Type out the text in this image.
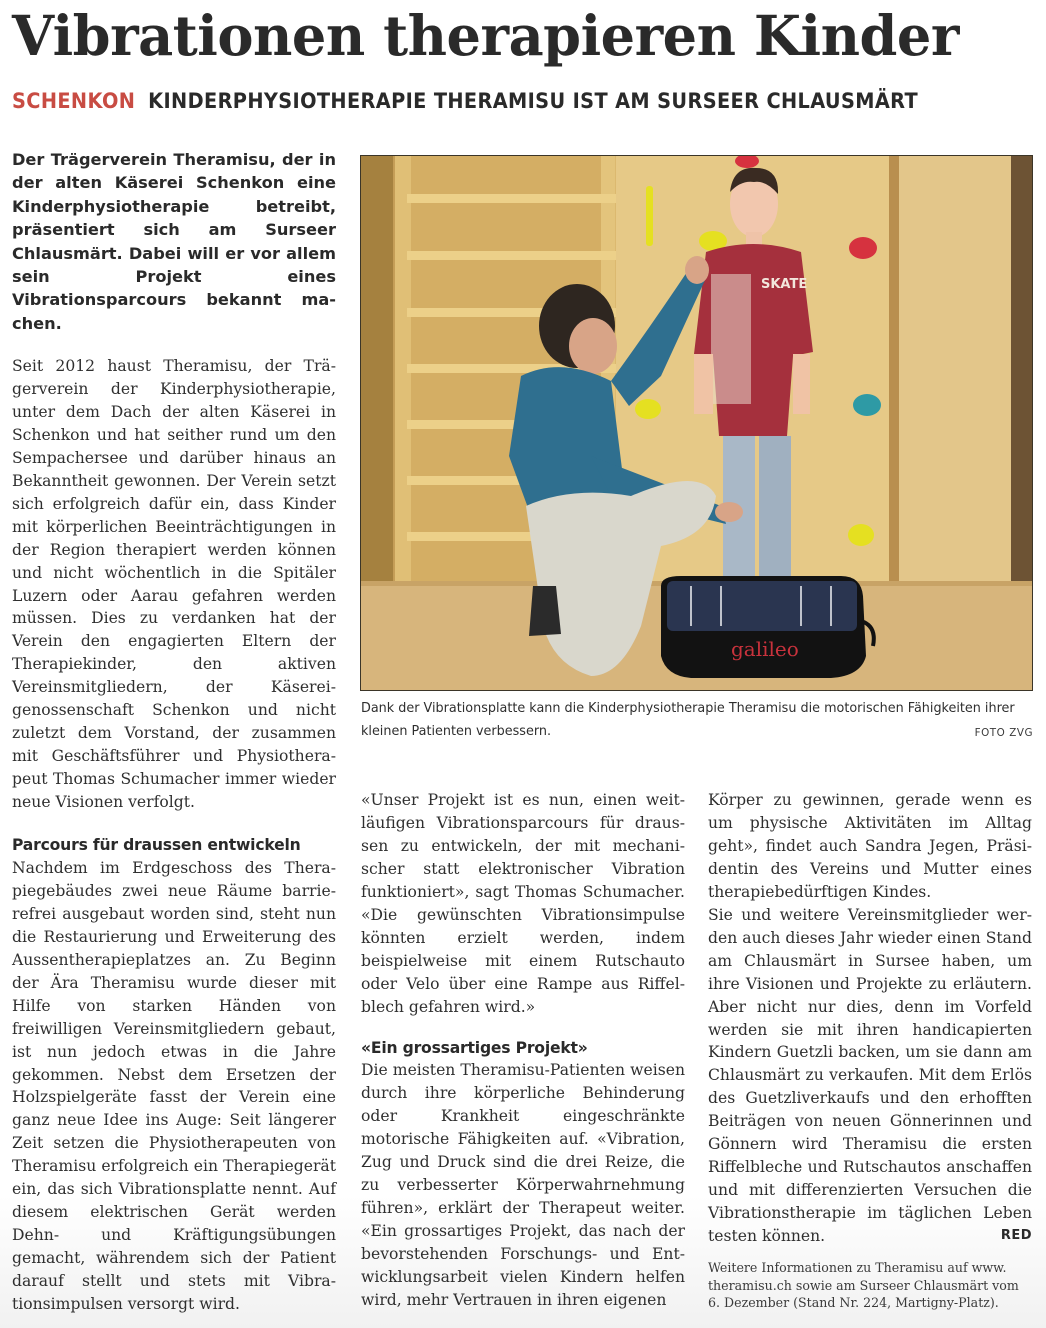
Vibrationen therapieren Kinder
SCHENKON KINDERPHYSIOTHERAPIE THERAMISU IST AM SURSEER CHLAUSMÄRT

Der Trägerverein Theramisu, der in der alten Käserei Schenkon eine Kinderphysiotherapie betreibt, präsentiert sich am Surseer Chlausmärt. Dabei will er vor allem sein Projekt eines Vibrationsparcours bekannt machen.

Seit 2012 haust Theramisu, der Trägerverein der Kinderphysiotherapie, unter dem Dach der alten Käserei in Schenkon und hat seither rund um den Sempachersee und darüber hinaus an Bekanntheit gewonnen. Der Verein setzt sich erfolgreich dafür ein, dass Kinder mit körperlichen Beeinträchtigungen in der Region therapiert werden können und nicht wöchentlich in die Spitäler Luzern oder Aarau gefahren werden müssen. Dies zu verdanken hat der Verein den engagierten Eltern der Therapiekinder, den aktiven Vereinsmitgliedern, der Käsereigenossenschaft Schenkon und nicht zuletzt dem Vorstand, der zusammen mit Geschäftsführer und Physiotherapeut Thomas Schumacher immer wieder neue Visionen verfolgt.

Parcours für draussen entwickeln

Nachdem im Erdgeschoss des Therapiegebäudes zwei neue Räume barrierefrei ausgebaut worden sind, steht nun die Restaurierung und Erweiterung des Aussentherapieplatzes an. Zu Beginn der Ära Theramisu wurde dieser mit Hilfe von starken Händen von freiwilligen Vereinsmitgliedern gebaut, ist nun jedoch etwas in die Jahre gekommen. Nebst dem Ersetzen der Holzspielgeräte fasst der Verein eine ganz neue Idee ins Auge: Seit längerer Zeit setzen die Physiotherapeuten von Theramisu erfolgreich ein Therapiegerät ein, das sich Vibrationsplatte nennt. Auf diesem elektrischen Gerät werden Dehn- und Kräftigungsübungen gemacht, währendem sich der Patient darauf stellt und stets mit Vibrationsimpulsen versorgt wird.

SKATE
galileo
Dank der Vibrationsplatte kann die Kinderphysiotherapie Theramisu die motorischen Fähigkeiten ihrer kleinen Patienten verbessern.	FOTO ZVG

«Unser Projekt ist es nun, einen weitläufigen Vibrationsparcours für draussen zu entwickeln, der mit mechanischer statt elektronischer Vibration funktioniert», sagt Thomas Schumacher. «Die gewünschten Vibrationsimpulse könnten erzielt werden, indem beispielweise mit einem Rutschauto oder Velo über eine Rampe aus Riffelblech gefahren wird.»

«Ein grossartiges Projekt»

Die meisten Theramisu-Patienten weisen durch ihre körperliche Behinderung oder Krankheit eingeschränkte motorische Fähigkeiten auf. «Vibration, Zug und Druck sind die drei Reize, die zu verbesserter Körperwahrnehmung führen», erklärt der Therapeut weiter. «Ein grossartiges Projekt, das nach der bevorstehenden Forschungs- und Entwicklungsarbeit vielen Kindern helfen wird, mehr Vertrauen in ihren eigenen

Körper zu gewinnen, gerade wenn es um physische Aktivitäten im Alltag geht», findet auch Sandra Jegen, Präsidentin des Vereins und Mutter eines therapiebedürftigen Kindes.

Sie und weitere Vereinsmitglieder werden auch dieses Jahr wieder einen Stand am Chlausmärt in Sursee haben, um ihre Visionen und Projekte zu erläutern. Aber nicht nur dies, denn im Vorfeld werden sie mit ihren handicapierten Kindern Guetzli backen, um sie dann am Chlausmärt zu verkaufen. Mit dem Erlös des Guetzliverkaufs und den erhofften Beiträgen von neuen Gönnerinnen und Gönnern wird Theramisu die ersten Riffelbleche und Rutschautos anschaffen und mit differenzierten Versuchen die Vibrationstherapie im täglichen Leben testen können.	RED

Weitere Informationen zu Theramisu auf www. theramisu.ch sowie am Surseer Chlausmärt vom 6. Dezember (Stand Nr. 224, Martigny-Platz).
